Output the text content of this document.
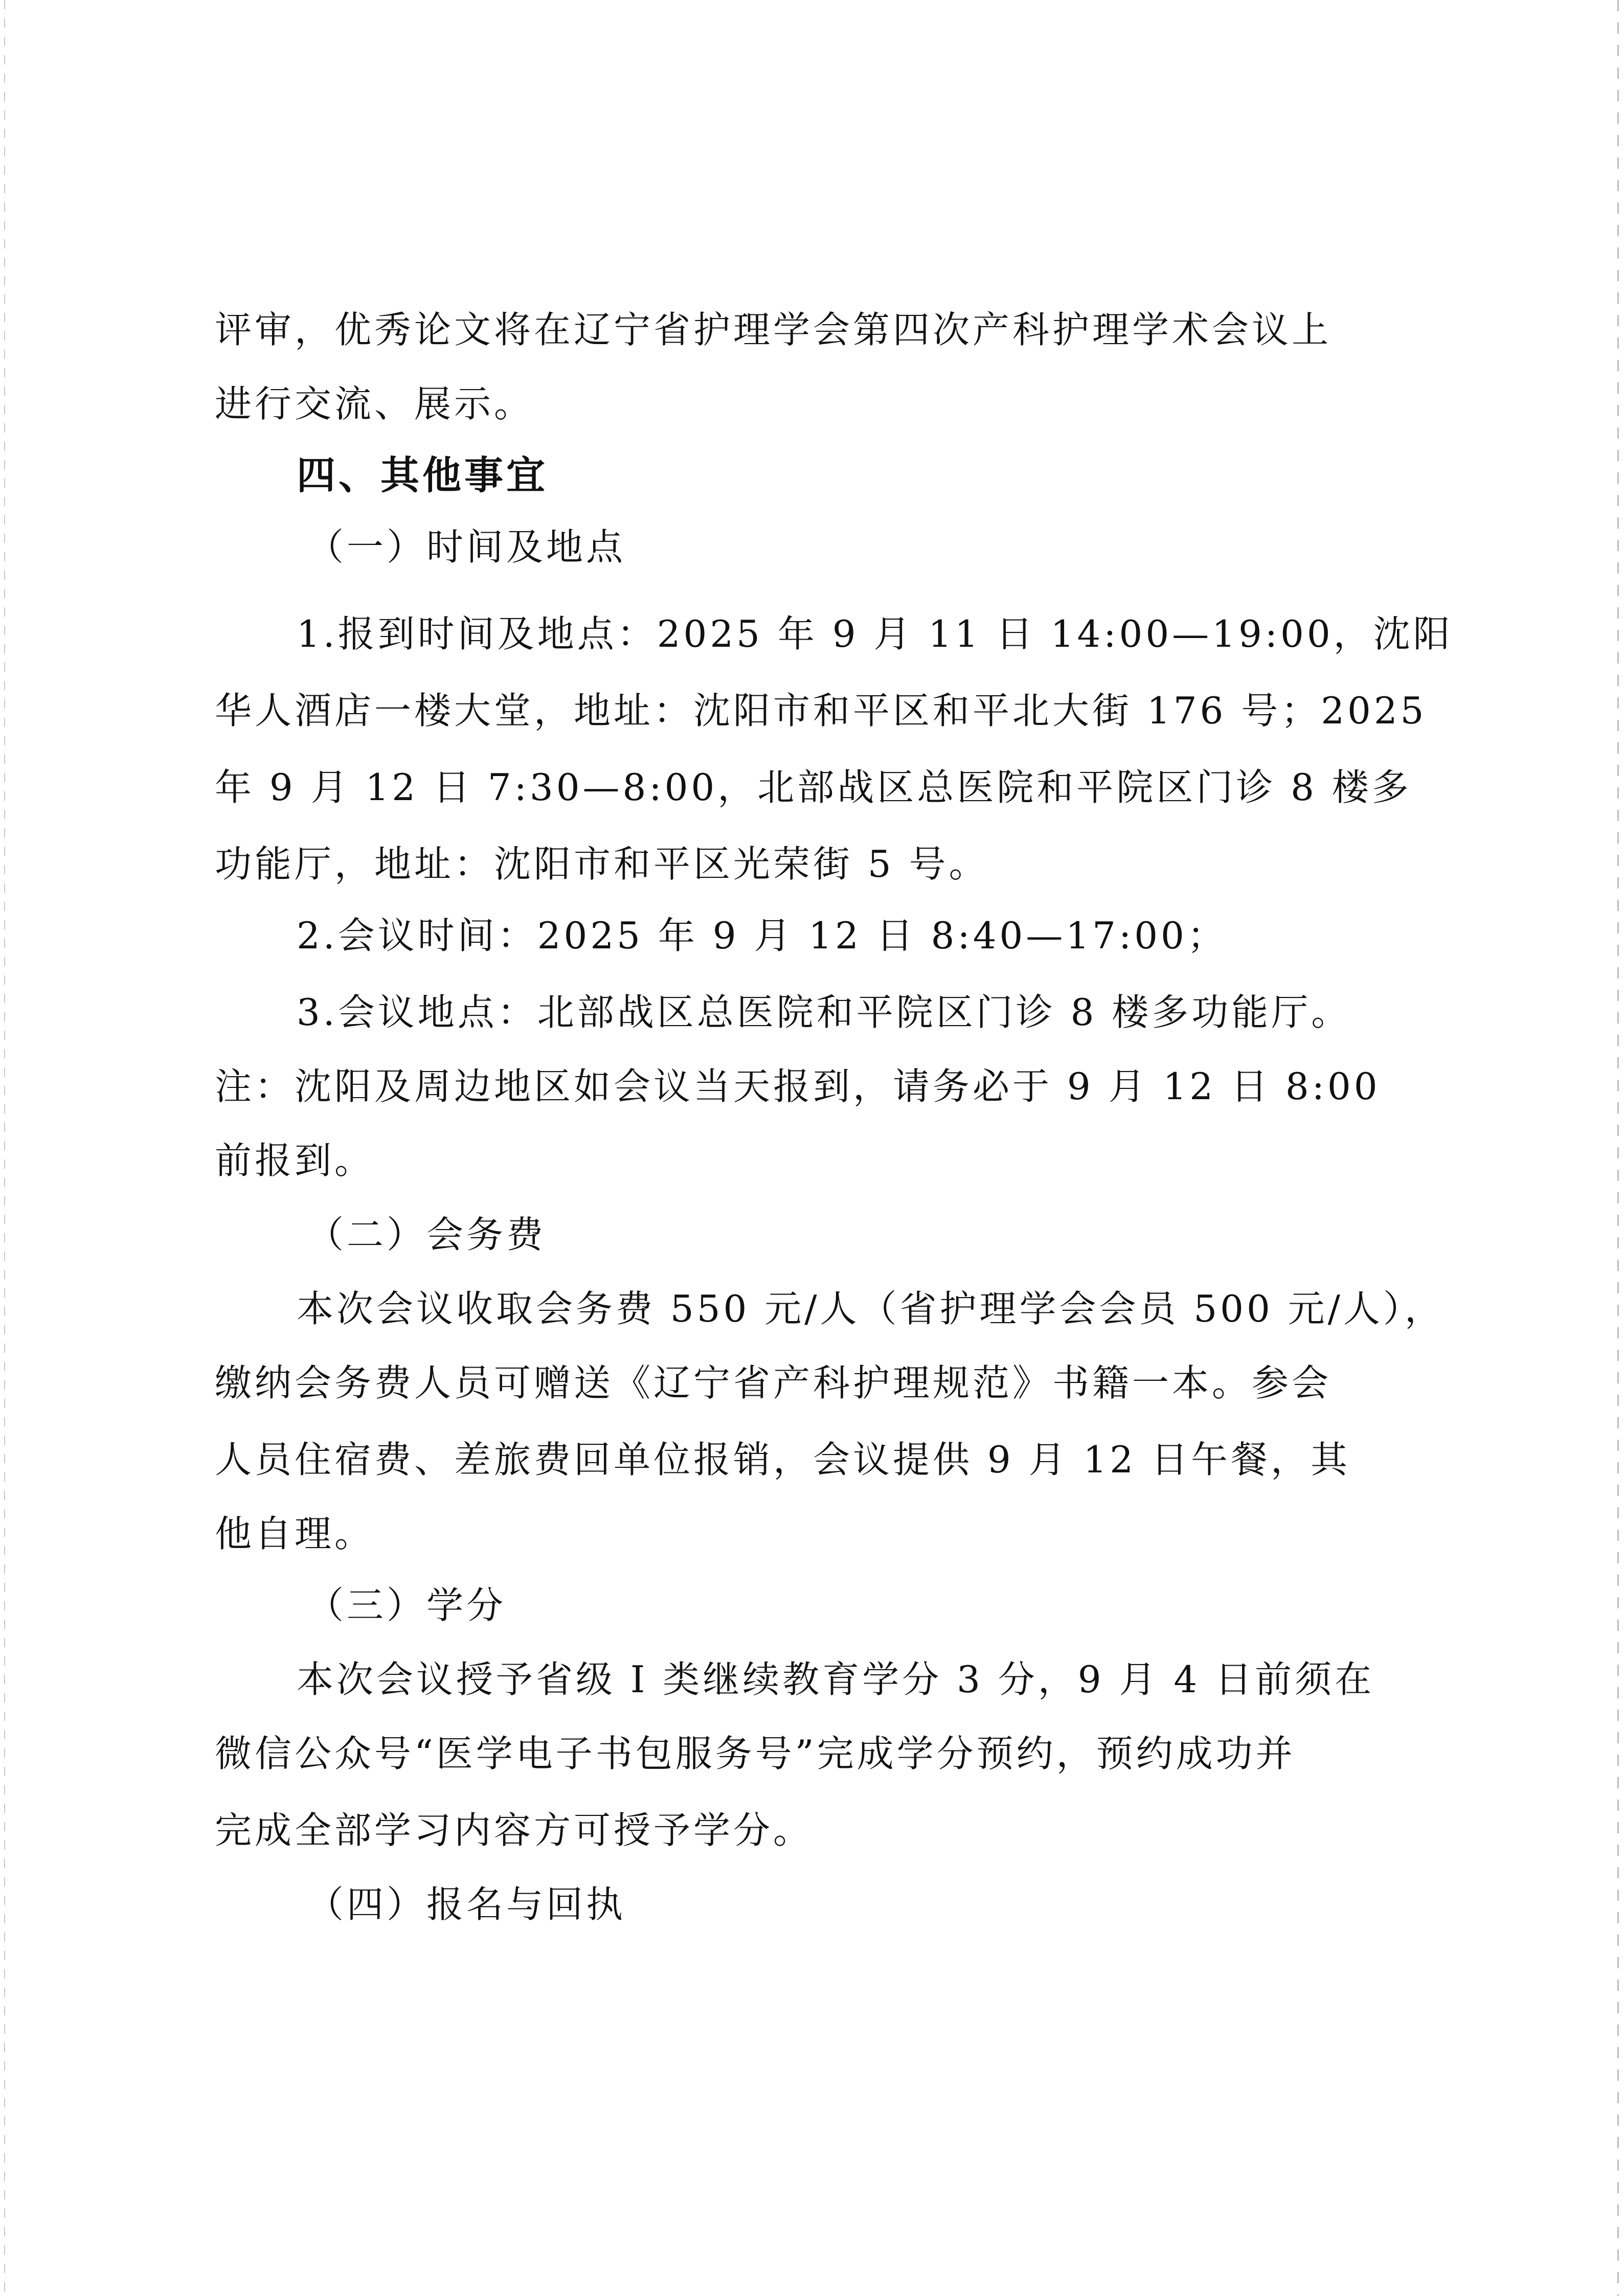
评审，优秀论文将在辽宁省护理学会第四次产科护理学术会议上
进行交流、展示。
四、其他事宜
（一）时间及地点
1.报到时间及地点：2025 年 9 月 11 日 14:00—19:00，沈阳
华人酒店一楼大堂，地址：沈阳市和平区和平北大街 176 号；2025
年 9 月 12 日 7:30—8:00，北部战区总医院和平院区门诊 8 楼多
功能厅，地址：沈阳市和平区光荣街 5 号。
2.会议时间：2025 年 9 月 12 日 8:40—17:00；
3.会议地点：北部战区总医院和平院区门诊 8 楼多功能厅。
注：沈阳及周边地区如会议当天报到，请务必于 9 月 12 日 8:00
前报到。
（二）会务费
本次会议收取会务费 550 元/人（省护理学会会员 500 元/人），
缴纳会务费人员可赠送《辽宁省产科护理规范》书籍一本。参会
人员住宿费、差旅费回单位报销，会议提供 9 月 12 日午餐，其
他自理。
（三）学分
本次会议授予省级 I 类继续教育学分 3 分，9 月 4 日前须在
微信公众号“医学电子书包服务号”完成学分预约，预约成功并
完成全部学习内容方可授予学分。
（四）报名与回执
